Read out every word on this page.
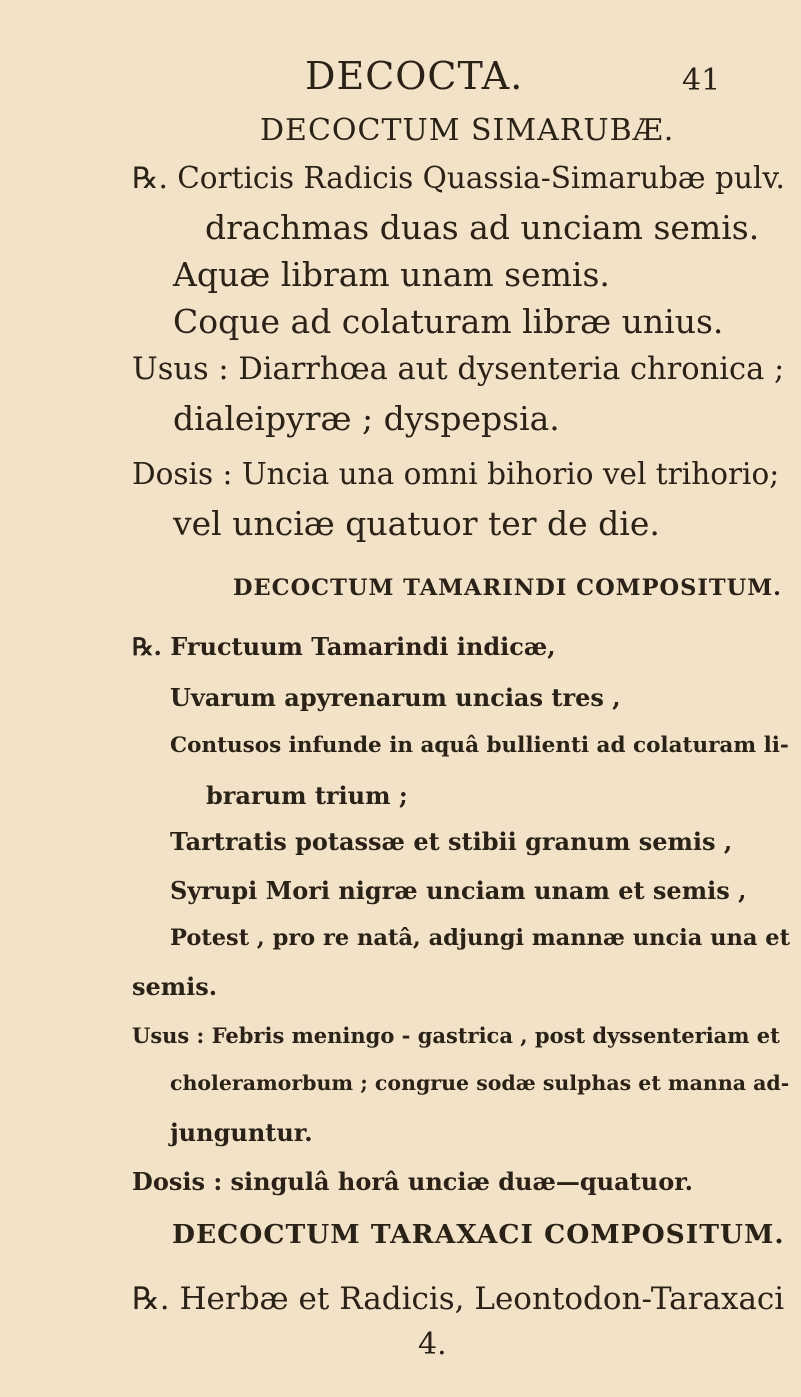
DECOCTA.	41
DECOCTUM SIMARUBÆ.
℞. Corticis Radicis Quassia-Simarubæ pulv.
drachmas duas ad unciam semis.
Aquæ libram unam semis.
Coque ad colaturam libræ unius.
Usus : Diarrhœa aut dysenteria chronica ;
dialeipyræ ; dyspepsia.
Dosis : Uncia una omni bihorio vel trihorio;
vel unciæ quatuor ter de die.
DECOCTUM TAMARINDI COMPOSITUM.
℞. Fructuum Tamarindi indicæ,
Uvarum apyrenarum uncias tres ,
Contusos infunde in aquâ bullienti ad colaturam li-
brarum trium ;
Tartratis potassæ et stibii granum semis ,
Syrupi Mori nigræ unciam unam et semis ,
Potest , pro re natâ, adjungi mannæ uncia una et
semis.
Usus : Febris meningo - gastrica , post dyssenteriam et
choleramorbum ; congrue sodæ sulphas et manna ad-
junguntur.
Dosis : singulâ horâ unciæ duæ—quatuor.
DECOCTUM TARAXACI COMPOSITUM.
℞. Herbæ et Radicis, Leontodon-Taraxaci
4.
